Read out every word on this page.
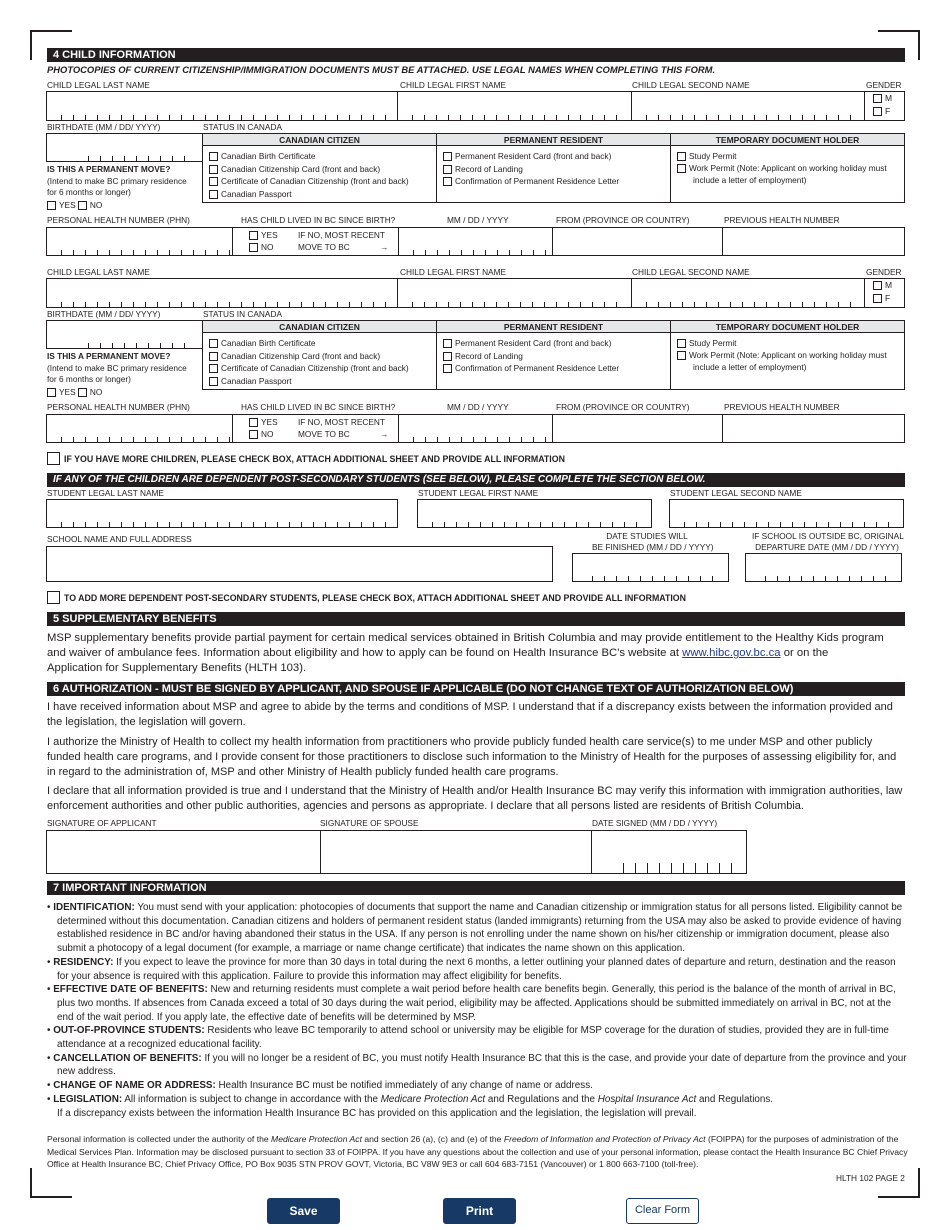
4 CHILD INFORMATION
PHOTOCOPIES OF CURRENT CITIZENSHIP/IMMIGRATION DOCUMENTS MUST BE ATTACHED. USE LEGAL NAMES WHEN COMPLETING THIS FORM.
CHILD LEGAL LAST NAME	CHILD LEGAL FIRST NAME	CHILD LEGAL SECOND NAME	GENDER
M
F
BIRTHDATE (MM / DD/ YYYY)	STATUS IN CANADA
CANADIAN CITIZEN
Canadian Birth Certificate
Canadian Citizenship Card (front and back)
Certificate of Canadian Citizenship (front and back)
Canadian Passport
PERMANENT RESIDENT
Permanent Resident Card (front and back)
Record of Landing
Confirmation of Permanent Residence Letter
TEMPORARY DOCUMENT HOLDER
Study Permit
Work Permit (Note: Applicant on working holiday must
include a letter of employment)
IS THIS A PERMANENT MOVE?
(Intend to make BC primary residence
for 6 months or longer)
YES NO
PERSONAL HEALTH NUMBER (PHN)	HAS CHILD LIVED IN BC SINCE BIRTH?	MM / DD / YYYY	FROM (PROVINCE OR COUNTRY)	PREVIOUS HEALTH NUMBER
YES
NO
IF NO, MOST RECENT
MOVE TO BC	→
CHILD LEGAL LAST NAME	CHILD LEGAL FIRST NAME	CHILD LEGAL SECOND NAME	GENDER
M
F
BIRTHDATE (MM / DD/ YYYY)	STATUS IN CANADA
CANADIAN CITIZEN
Canadian Birth Certificate
Canadian Citizenship Card (front and back)
Certificate of Canadian Citizenship (front and back)
Canadian Passport
PERMANENT RESIDENT
Permanent Resident Card (front and back)
Record of Landing
Confirmation of Permanent Residence Letter
TEMPORARY DOCUMENT HOLDER
Study Permit
Work Permit (Note: Applicant on working holiday must
include a letter of employment)
IS THIS A PERMANENT MOVE?
(Intend to make BC primary residence
for 6 months or longer)
YES NO
PERSONAL HEALTH NUMBER (PHN)	HAS CHILD LIVED IN BC SINCE BIRTH?	MM / DD / YYYY	FROM (PROVINCE OR COUNTRY)	PREVIOUS HEALTH NUMBER
YES
NO
IF NO, MOST RECENT
MOVE TO BC	→
IF YOU HAVE MORE CHILDREN, PLEASE CHECK BOX, ATTACH ADDITIONAL SHEET AND PROVIDE ALL INFORMATION
IF ANY OF THE CHILDREN ARE DEPENDENT POST-SECONDARY STUDENTS (SEE BELOW), PLEASE COMPLETE THE SECTION BELOW.
STUDENT LEGAL LAST NAME	STUDENT LEGAL FIRST NAME	STUDENT LEGAL SECOND NAME
SCHOOL NAME AND FULL ADDRESS	DATE STUDIES WILL
BE FINISHED (MM / DD / YYYY)
IF SCHOOL IS OUTSIDE BC, ORIGINAL
DEPARTURE DATE (MM / DD / YYYY)
TO ADD MORE DEPENDENT POST-SECONDARY STUDENTS, PLEASE CHECK BOX, ATTACH ADDITIONAL SHEET AND PROVIDE ALL INFORMATION
5 SUPPLEMENTARY BENEFITS
MSP supplementary benefits provide partial payment for certain medical services obtained in British Columbia and may provide entitlement to the Healthy Kids program
and waiver of ambulance fees. Information about eligibility and how to apply can be found on Health Insurance BC's website at www.hibc.gov.bc.ca or on the
Application for Supplementary Benefits (HLTH 103).
6 AUTHORIZATION - MUST BE SIGNED BY APPLICANT, AND SPOUSE IF APPLICABLE (DO NOT CHANGE TEXT OF AUTHORIZATION BELOW)
I have received information about MSP and agree to abide by the terms and conditions of MSP. I understand that if a discrepancy exists between the information provided and the legislation, the legislation will govern.
I authorize the Ministry of Health to collect my health information from practitioners who provide publicly funded health care service(s) to me under MSP and other publicly funded health care programs, and I provide consent for those practitioners to disclose such information to the Ministry of Health for the purposes of assessing eligibility for, and in regard to the administration of, MSP and other Ministry of Health publicly funded health care programs.
I declare that all information provided is true and I understand that the Ministry of Health and/or Health Insurance BC may verify this information with immigration authorities, law enforcement authorities and other public authorities, agencies and persons as appropriate. I declare that all persons listed are residents of British Columbia.
SIGNATURE OF APPLICANT	SIGNATURE OF SPOUSE	DATE SIGNED (MM / DD / YYYY)
7 IMPORTANT INFORMATION

• IDENTIFICATION: You must send with your application: photocopies of documents that support the name and Canadian citizenship or immigration status for all persons listed. Eligibility cannot be determined without this documentation. Canadian citizens and holders of permanent resident status (landed immigrants) returning from the USA may also be asked to provide evidence of having established residence in BC and/or having abandoned their status in the USA. If any person is not enrolling under the name shown on his/her citizenship or immigration document, please also submit a photocopy of a legal document (for example, a marriage or name change certificate) that indicates the name shown on this application.

• RESIDENCY: If you expect to leave the province for more than 30 days in total during the next 6 months, a letter outlining your planned dates of departure and return, destination and the reason for your absence is required with this application. Failure to provide this information may affect eligibility for benefits.

• EFFECTIVE DATE OF BENEFITS: New and returning residents must complete a wait period before health care benefits begin. Generally, this period is the balance of the month of arrival in BC, plus two months. If absences from Canada exceed a total of 30 days during the wait period, eligibility may be affected. Applications should be submitted immediately on arrival in BC, not at the end of the wait period. If you apply late, the effective date of benefits will be determined by MSP.

• OUT-OF-PROVINCE STUDENTS: Residents who leave BC temporarily to attend school or university may be eligible for MSP coverage for the duration of studies, provided they are in full-time attendance at a recognized educational facility.

• CANCELLATION OF BENEFITS: If you will no longer be a resident of BC, you must notify Health Insurance BC that this is the case, and provide your date of departure from the province and your new address.

• CHANGE OF NAME OR ADDRESS: Health Insurance BC must be notified immediately of any change of name or address.

• LEGISLATION: All information is subject to change in accordance with the Medicare Protection Act and Regulations and the Hospital Insurance Act and Regulations.
If a discrepancy exists between the information Health Insurance BC has provided on this application and the legislation, the legislation will prevail.

Personal information is collected under the authority of the Medicare Protection Act and section 26 (a), (c) and (e) of the Freedom of Information and Protection of Privacy Act (FOIPPA) for the purposes of administration of the Medical Services Plan. Information may be disclosed pursuant to section 33 of FOIPPA. If you have any questions about the collection and use of your personal information, please contact the Health Insurance BC Chief Privacy Office at Health Insurance BC, Chief Privacy Office, PO Box 9035 STN PROV GOVT, Victoria, BC V8W 9E3 or call 604 683-7151 (Vancouver) or 1 800 663-7100 (toll-free).
HLTH 102 PAGE 2
Save	Print	Clear Form
